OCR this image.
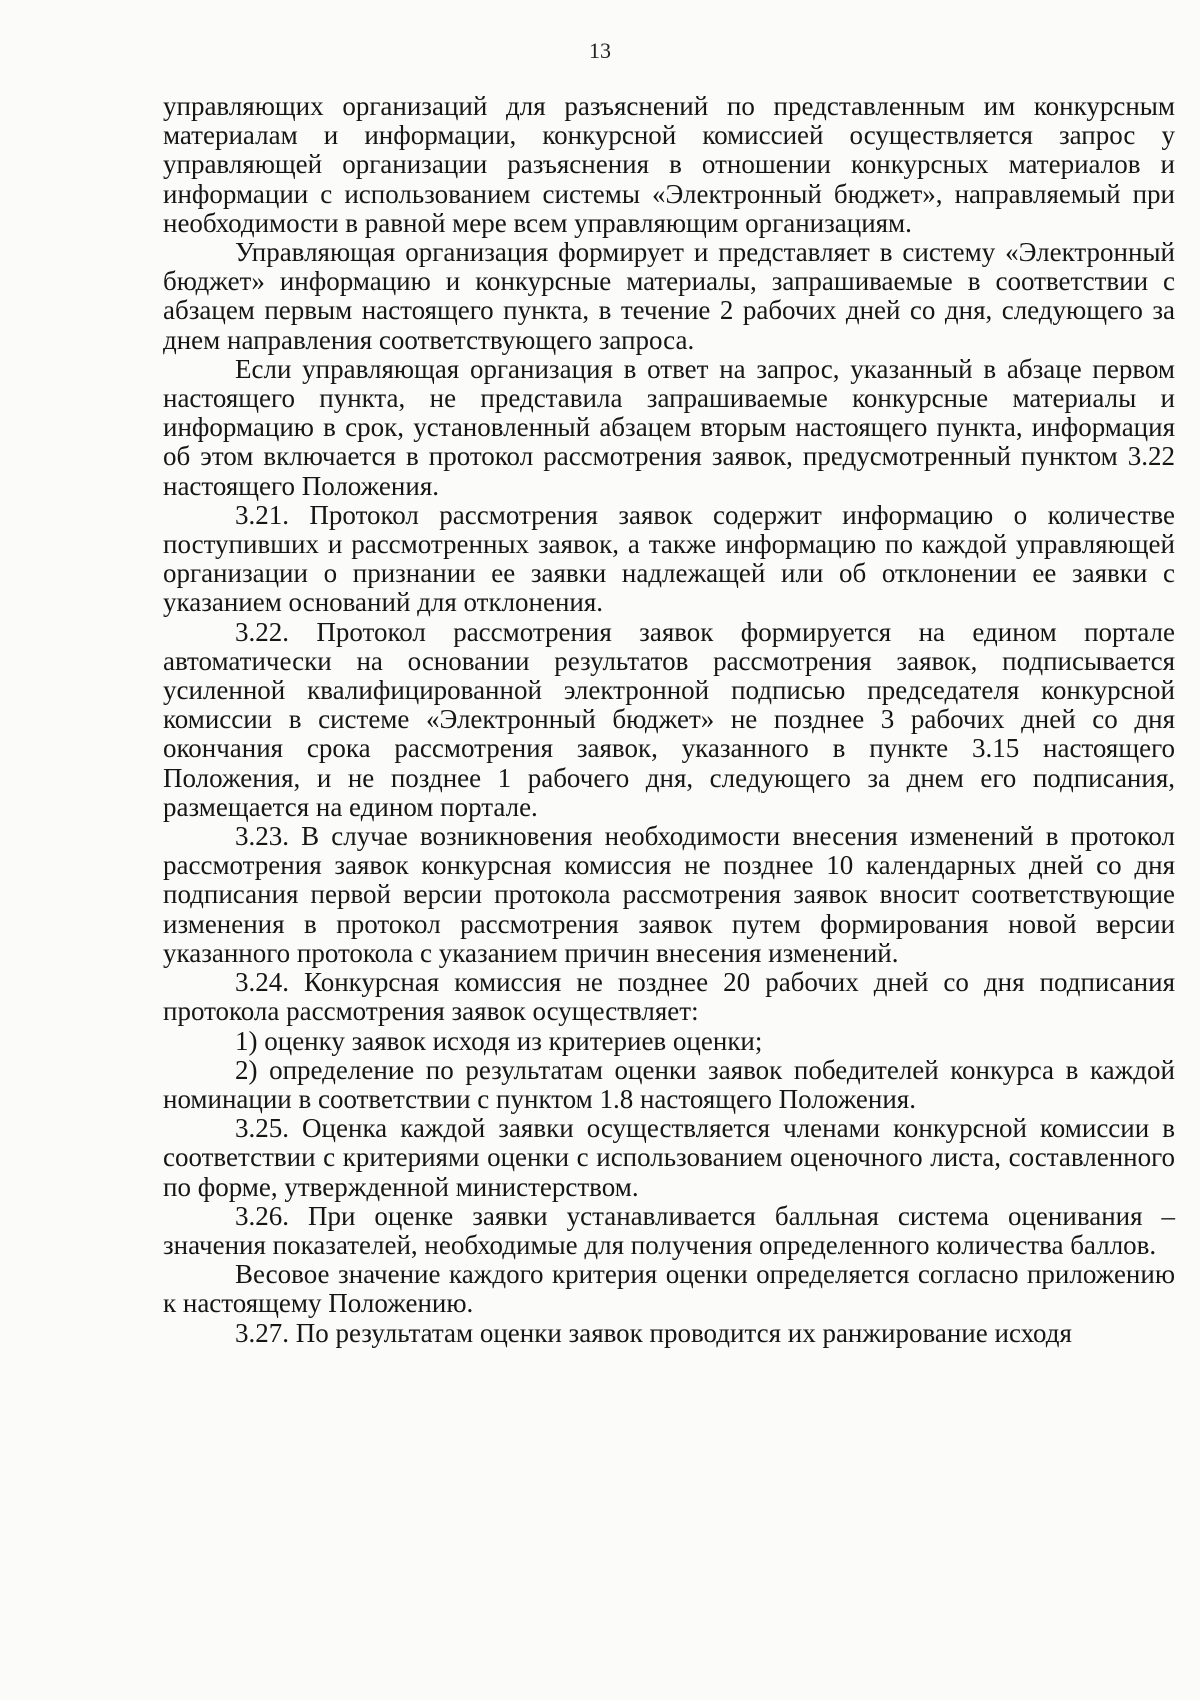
13

управляющих организаций для разъяснений по представленным им конкурсным материалам и информации, конкурсной комиссией осуществляется запрос у управляющей организации разъяснения в отношении конкурсных материалов и информации с использованием системы «Электронный бюджет», направляемый при необходимости в равной мере всем управляющим организациям.

Управляющая организация формирует и представляет в систему «Электронный бюджет» информацию и конкурсные материалы, запрашиваемые в соответствии с абзацем первым настоящего пункта, в течение 2 рабочих дней со дня, следующего за днем направления соответствующего запроса.

Если управляющая организация в ответ на запрос, указанный в абзаце первом настоящего пункта, не представила запрашиваемые конкурсные материалы и информацию в срок, установленный абзацем вторым настоящего пункта, информация об этом включается в протокол рассмотрения заявок, предусмотренный пунктом 3.22 настоящего Положения.

3.21. Протокол рассмотрения заявок содержит информацию о количестве поступивших и рассмотренных заявок, а также информацию по каждой управляющей организации о признании ее заявки надлежащей или об отклонении ее заявки с указанием оснований для отклонения.

3.22. Протокол рассмотрения заявок формируется на едином портале автоматически на основании результатов рассмотрения заявок, подписывается усиленной квалифицированной электронной подписью председателя конкурсной комиссии в системе «Электронный бюджет» не позднее 3 рабочих дней со дня окончания срока рассмотрения заявок, указанного в пункте 3.15 настоящего Положения, и не позднее 1 рабочего дня, следующего за днем его подписания, размещается на едином портале.

3.23. В случае возникновения необходимости внесения изменений в протокол рассмотрения заявок конкурсная комиссия не позднее 10 календарных дней со дня подписания первой версии протокола рассмотрения заявок вносит соответствующие изменения в протокол рассмотрения заявок путем формирования новой версии указанного протокола с указанием причин внесения изменений.

3.24. Конкурсная комиссия не позднее 20 рабочих дней со дня подписания протокола рассмотрения заявок осуществляет:

1) оценку заявок исходя из критериев оценки;

2) определение по результатам оценки заявок победителей конкурса в каждой номинации в соответствии с пунктом 1.8 настоящего Положения.

3.25. Оценка каждой заявки осуществляется членами конкурсной комиссии в соответствии с критериями оценки с использованием оценочного листа, составленного по форме, утвержденной министерством.

3.26. При оценке заявки устанавливается балльная система оценивания – значения показателей, необходимые для получения определенного количества баллов.

Весовое значение каждого критерия оценки определяется согласно приложению к настоящему Положению.

3.27. По результатам оценки заявок проводится их ранжирование исходя
